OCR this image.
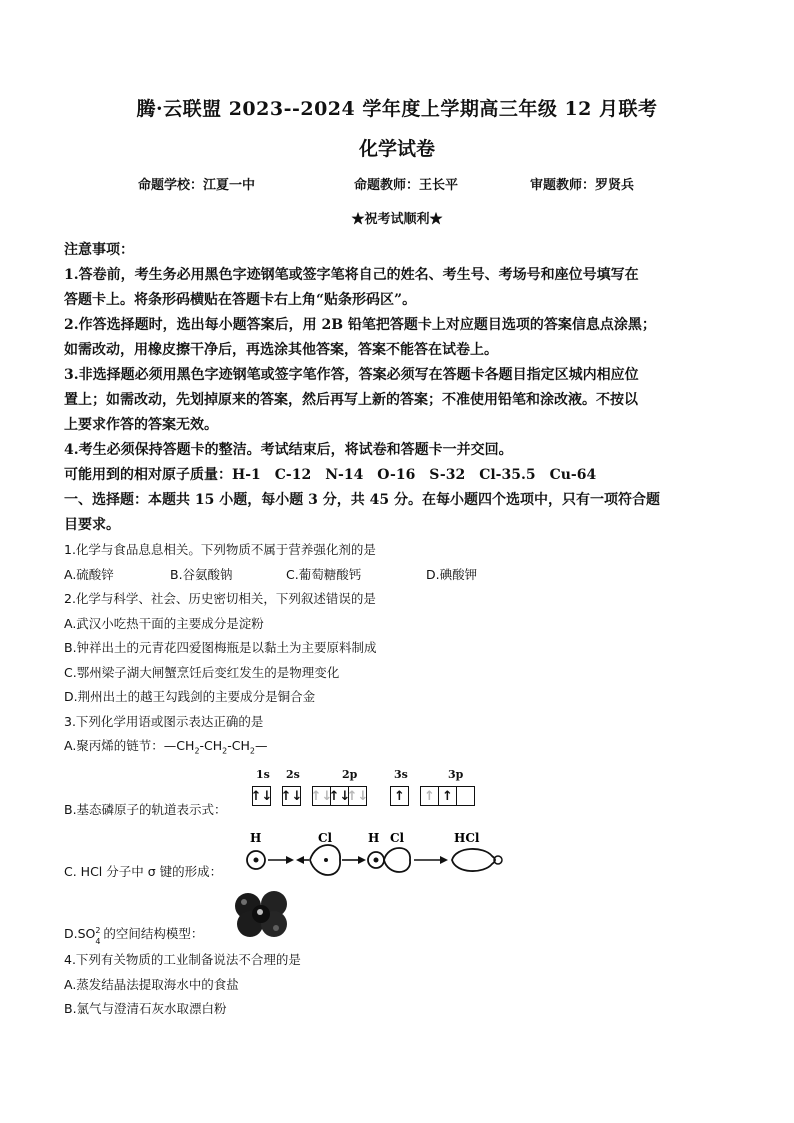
腾·云联盟 2023--2024 学年度上学期高三年级 12 月联考
化学试卷
命题学校：江夏一中	命题教师：王长平	审题教师：罗贤兵
★祝考试顺利★
注意事项：
1.答卷前，考生务必用黑色字迹钢笔或签字笔将自己的姓名、考生号、考场号和座位号填写在
答题卡上。将条形码横贴在答题卡右上角“贴条形码区”。
2.作答选择题时，选出每小题答案后，用 2B 铅笔把答题卡上对应题目选项的答案信息点涂黑；
如需改动，用橡皮擦干净后，再选涂其他答案，答案不能答在试卷上。
3.非选择题必须用黑色字迹钢笔或签字笔作答，答案必须写在答题卡各题目指定区城内相应位
置上；如需改动，先划掉原来的答案，然后再写上新的答案；不准使用铅笔和涂改液。不按以
上要求作答的答案无效。
4.考生必须保持答题卡的整洁。考试结束后，将试卷和答题卡一并交回。
可能用到的相对原子质量：H-1　C-12　N-14　O-16　S-32　Cl-35.5　Cu-64
一、选择题：本题共 15 小题，每小题 3 分，共 45 分。在每小题四个选项中，只有一项符合题
目要求。
1.化学与食品息息相关。下列物质不属于营养强化剂的是
A.硫酸锌	B.谷氨酸钠	C.葡萄糖酸钙	D.碘酸钾
2.化学与科学、社会、历史密切相关，下列叙述错误的是
A.武汉小吃热干面的主要成分是淀粉
B.钟祥出土的元青花四爱图梅瓶是以黏土为主要原料制成
C.鄂州梁子湖大闸蟹烹饪后变红发生的是物理变化
D.荆州出土的越王勾践剑的主要成分是铜合金
3.下列化学用语或图示表达正确的是
A.聚丙烯的链节：$—CH_2-CH_2-CH_2—$
B.基态磷原子的轨道表示式：
1s 2s	2p	3s	3p
↑↓ ↑↓ ↑↓
↑↓
↑↓ ↑ ↑ ↑
C. HCl 分子中 σ 键的形成：
H	Cl	H Cl	HCl
D.SO 2
4
的空间结构模型：
4.下列有关物质的工业制备说法不合理的是
A.蒸发结晶法提取海水中的食盐
B.氯气与澄清石灰水取漂白粉
